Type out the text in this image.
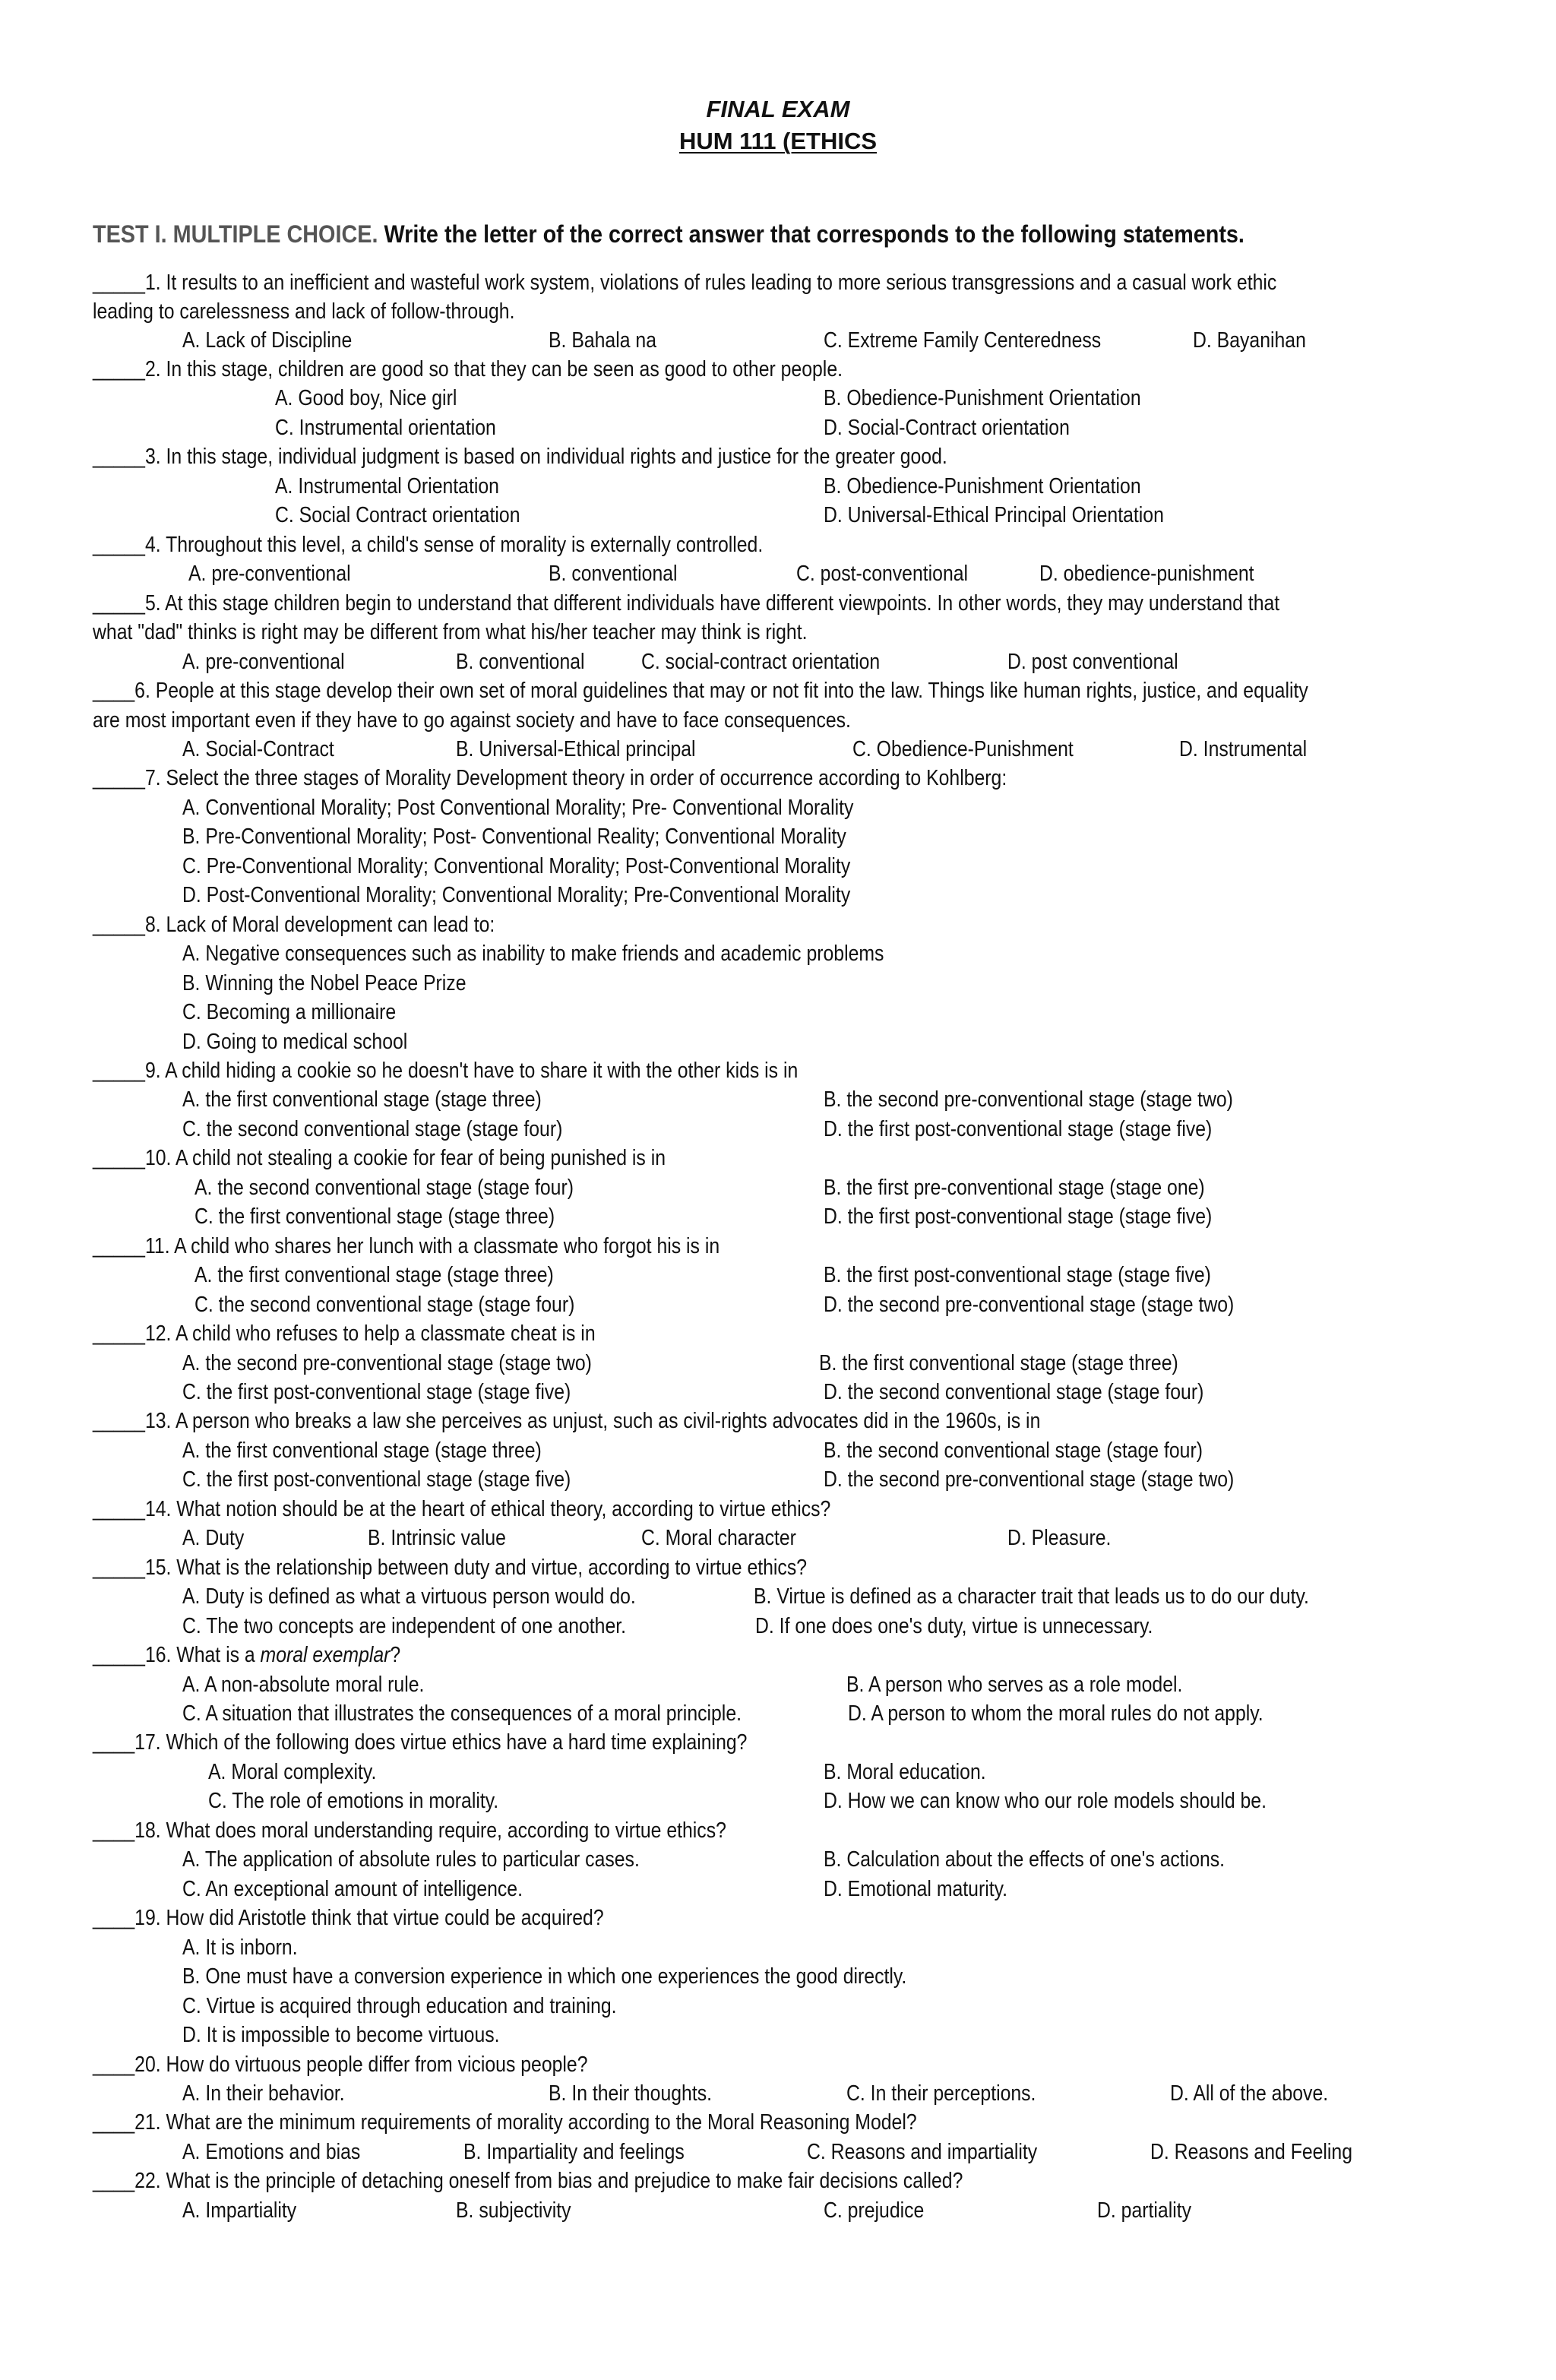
FINAL EXAM
HUM 111 (ETHICS
TEST I. MULTIPLE CHOICE. Write the letter of the correct answer that corresponds to the following statements.
_____1. It results to an inefficient and wasteful work system, violations of rules leading to more serious transgressions and a casual work ethic
leading to carelessness and lack of follow-through.
A. Lack of Discipline	B. Bahala na	C. Extreme Family Centeredness	D. Bayanihan
_____2. In this stage, children are good so that they can be seen as good to other people.
A. Good boy, Nice girl	B. Obedience-Punishment Orientation
C. Instrumental orientation	D. Social-Contract orientation
_____3. In this stage, individual judgment is based on individual rights and justice for the greater good.
A. Instrumental Orientation	B. Obedience-Punishment Orientation
C. Social Contract orientation	D. Universal-Ethical Principal Orientation
_____4. Throughout this level, a child's sense of morality is externally controlled.
A. pre-conventional	B. conventional	C. post-conventional	D. obedience-punishment
_____5. At this stage children begin to understand that different individuals have different viewpoints. In other words, they may understand that
what "dad" thinks is right may be different from what his/her teacher may think is right.
A. pre-conventional	B. conventional	C. social-contract orientation	D. post conventional
____6. People at this stage develop their own set of moral guidelines that may or not fit into the law. Things like human rights, justice, and equality
are most important even if they have to go against society and have to face consequences.
A. Social-Contract	B. Universal-Ethical principal	C. Obedience-Punishment	D. Instrumental
_____7. Select the three stages of Morality Development theory in order of occurrence according to Kohlberg:
A. Conventional Morality; Post Conventional Morality; Pre- Conventional Morality
B. Pre-Conventional Morality; Post- Conventional Reality; Conventional Morality
C. Pre-Conventional Morality; Conventional Morality; Post-Conventional Morality
D. Post-Conventional Morality; Conventional Morality; Pre-Conventional Morality
_____8. Lack of Moral development can lead to:
A. Negative consequences such as inability to make friends and academic problems
B. Winning the Nobel Peace Prize
C. Becoming a millionaire
D. Going to medical school
_____9. A child hiding a cookie so he doesn't have to share it with the other kids is in
A. the first conventional stage (stage three)	B. the second pre-conventional stage (stage two)
C. the second conventional stage (stage four)	D. the first post-conventional stage (stage five)
_____10. A child not stealing a cookie for fear of being punished is in
A. the second conventional stage (stage four)	B. the first pre-conventional stage (stage one)
C. the first conventional stage (stage three)	D. the first post-conventional stage (stage five)
_____11. A child who shares her lunch with a classmate who forgot his is in
A. the first conventional stage (stage three)	B. the first post-conventional stage (stage five)
C. the second conventional stage (stage four)	D. the second pre-conventional stage (stage two)
_____12. A child who refuses to help a classmate cheat is in
A. the second pre-conventional stage (stage two)	B. the first conventional stage (stage three)
C. the first post-conventional stage (stage five)	D. the second conventional stage (stage four)
_____13. A person who breaks a law she perceives as unjust, such as civil-rights advocates did in the 1960s, is in
A. the first conventional stage (stage three)	B. the second conventional stage (stage four)
C. the first post-conventional stage (stage five)	D. the second pre-conventional stage (stage two)
_____14. What notion should be at the heart of ethical theory, according to virtue ethics?
A. Duty	B. Intrinsic value	C. Moral character	D. Pleasure.
_____15. What is the relationship between duty and virtue, according to virtue ethics?
A. Duty is defined as what a virtuous person would do.	B. Virtue is defined as a character trait that leads us to do our duty.
C. The two concepts are independent of one another.	D. If one does one's duty, virtue is unnecessary.
_____16. What is a moral exemplar?
A. A non-absolute moral rule.	B. A person who serves as a role model.
C. A situation that illustrates the consequences of a moral principle.	D. A person to whom the moral rules do not apply.
____17. Which of the following does virtue ethics have a hard time explaining?
A. Moral complexity.	B. Moral education.
C. The role of emotions in morality.	D. How we can know who our role models should be.
____18. What does moral understanding require, according to virtue ethics?
A. The application of absolute rules to particular cases.	B. Calculation about the effects of one's actions.
C. An exceptional amount of intelligence.	D. Emotional maturity.
____19. How did Aristotle think that virtue could be acquired?
A. It is inborn.
B. One must have a conversion experience in which one experiences the good directly.
C. Virtue is acquired through education and training.
D. It is impossible to become virtuous.
____20. How do virtuous people differ from vicious people?
A. In their behavior.	B. In their thoughts.	C. In their perceptions.	D. All of the above.
____21. What are the minimum requirements of morality according to the Moral Reasoning Model?
A. Emotions and bias	B. Impartiality and feelings	C. Reasons and impartiality	D. Reasons and Feeling
____22. What is the principle of detaching oneself from bias and prejudice to make fair decisions called?
A. Impartiality	B. subjectivity	C. prejudice	D. partiality
